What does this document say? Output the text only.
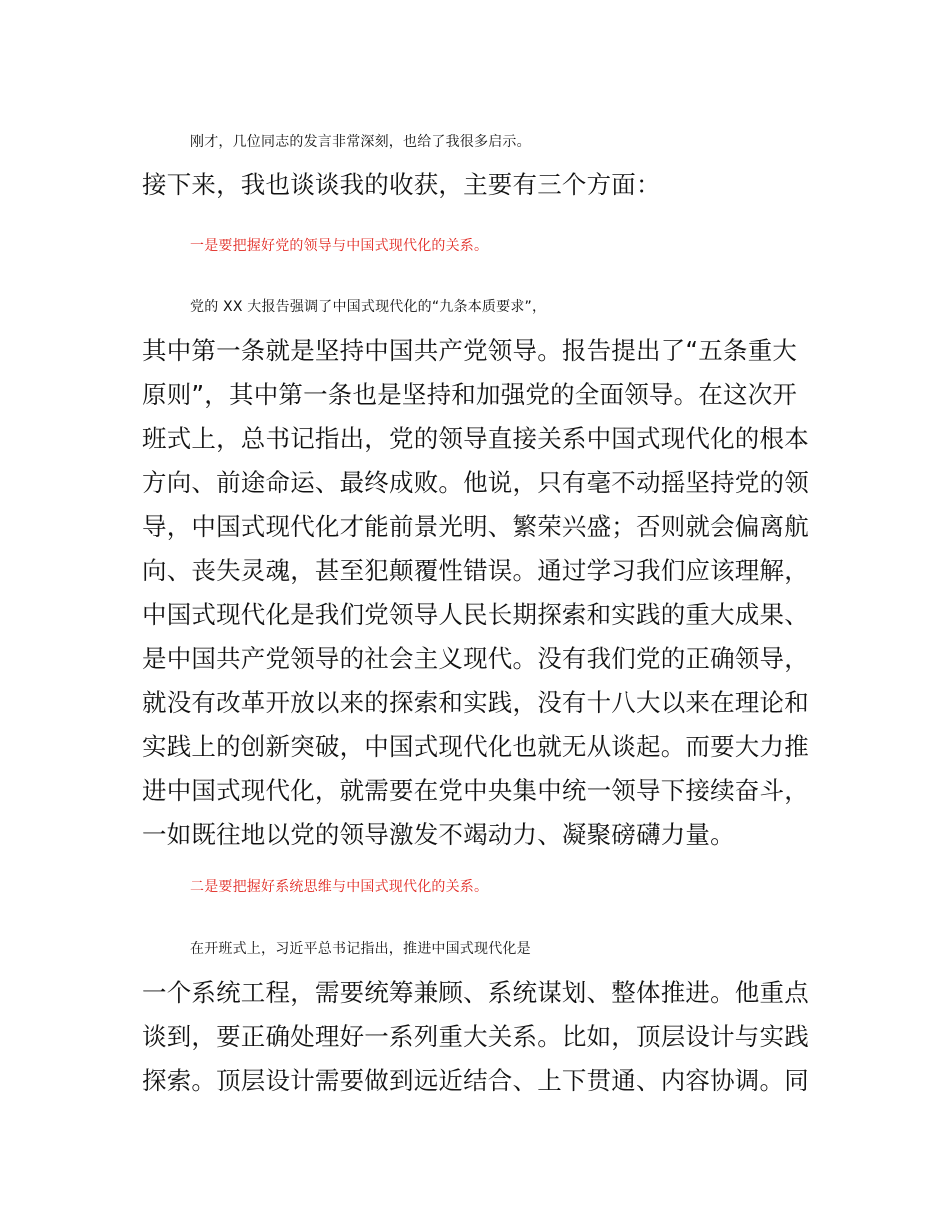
刚才，几位同志的发言非常深刻，也给了我很多启示。
接下来，我也谈谈我的收获，主要有三个方面：
一是要把握好党的领导与中国式现代化的关系。
党的 XX 大报告强调了中国式现代化的“九条本质要求”，
其中第一条就是坚持中国共产党领导。报告提出了“五条重大
原则”，其中第一条也是坚持和加强党的全面领导。在这次开
班式上，总书记指出，党的领导直接关系中国式现代化的根本
方向、前途命运、最终成败。他说，只有毫不动摇坚持党的领
导，中国式现代化才能前景光明、繁荣兴盛；否则就会偏离航
向、丧失灵魂，甚至犯颠覆性错误。通过学习我们应该理解，
中国式现代化是我们党领导人民长期探索和实践的重大成果、
是中国共产党领导的社会主义现代。没有我们党的正确领导，
就没有改革开放以来的探索和实践，没有十八大以来在理论和
实践上的创新突破，中国式现代化也就无从谈起。而要大力推
进中国式现代化，就需要在党中央集中统一领导下接续奋斗，
一如既往地以党的领导激发不竭动力、凝聚磅礴力量。
二是要把握好系统思维与中国式现代化的关系。
在开班式上，习近平总书记指出，推进中国式现代化是
一个系统工程，需要统筹兼顾、系统谋划、整体推进。他重点
谈到，要正确处理好一系列重大关系。比如，顶层设计与实践
探索。顶层设计需要做到远近结合、上下贯通、内容协调。同
